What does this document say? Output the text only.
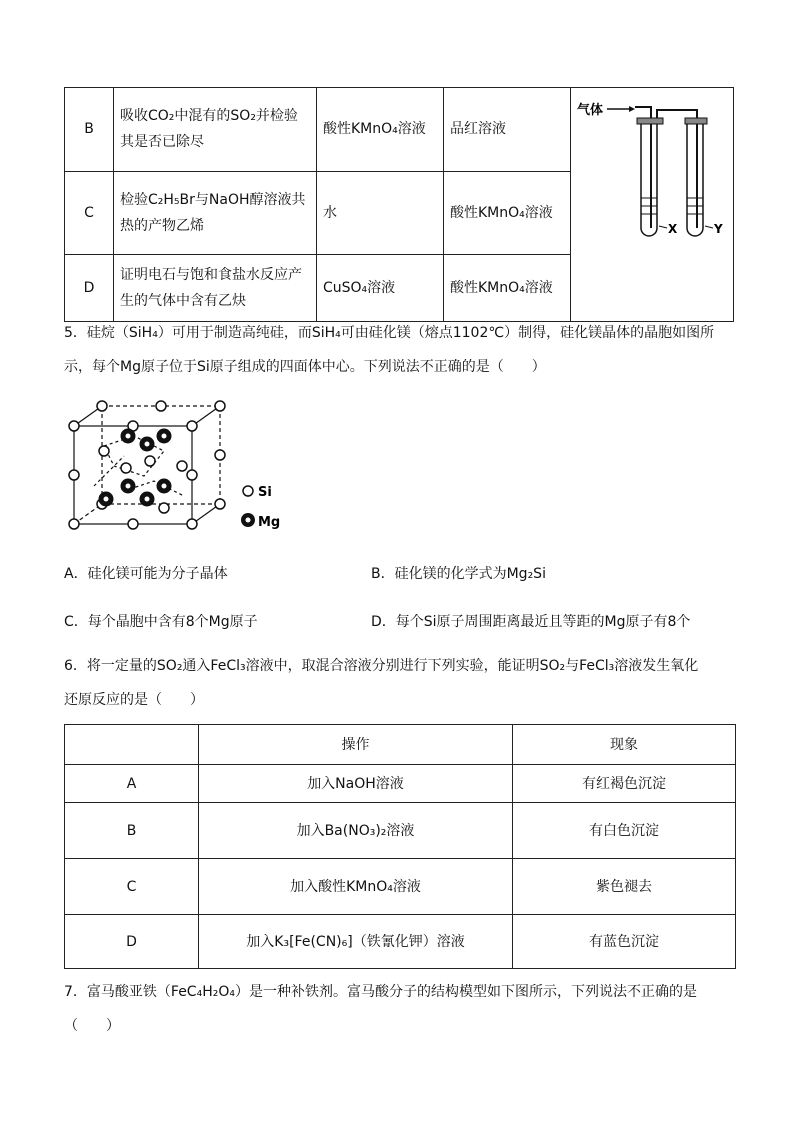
B	吸收CO₂中混有的SO₂并检验其是否已除尽	酸性KMnO₄溶液	品红溶液	气体
X Y

C	检验C₂H₅Br与NaOH醇溶液共热的产物乙烯	水	酸性KMnO₄溶液	
D	证明电石与饱和食盐水反应产生的气体中含有乙炔	CuSO₄溶液	酸性KMnO₄溶液	
5．硅烷（SiH₄）可用于制造高纯硅，而SiH₄可由硅化镁（熔点1102℃）制得，硅化镁晶体的晶胞如图所
示，每个Mg原子位于Si原子组成的四面体中心。下列说法不正确的是（　　）
Si
Mg
A．硅化镁可能为分子晶体	B．硅化镁的化学式为Mg₂Si
C．每个晶胞中含有8个Mg原子	D．每个Si原子周围距离最近且等距的Mg原子有8个
6．将一定量的SO₂通入FeCl₃溶液中，取混合溶液分别进行下列实验，能证明SO₂与FeCl₃溶液发生氧化
还原反应的是（　　）
	操作	现象
A	加入NaOH溶液	有红褐色沉淀
B	加入Ba(NO₃)₂溶液	有白色沉淀
C	加入酸性KMnO₄溶液	紫色褪去
D	加入K₃[Fe(CN)₆]（铁氰化钾）溶液	有蓝色沉淀
7．富马酸亚铁（FeC₄H₂O₄）是一种补铁剂。富马酸分子的结构模型如下图所示，下列说法不正确的是
（　　）
